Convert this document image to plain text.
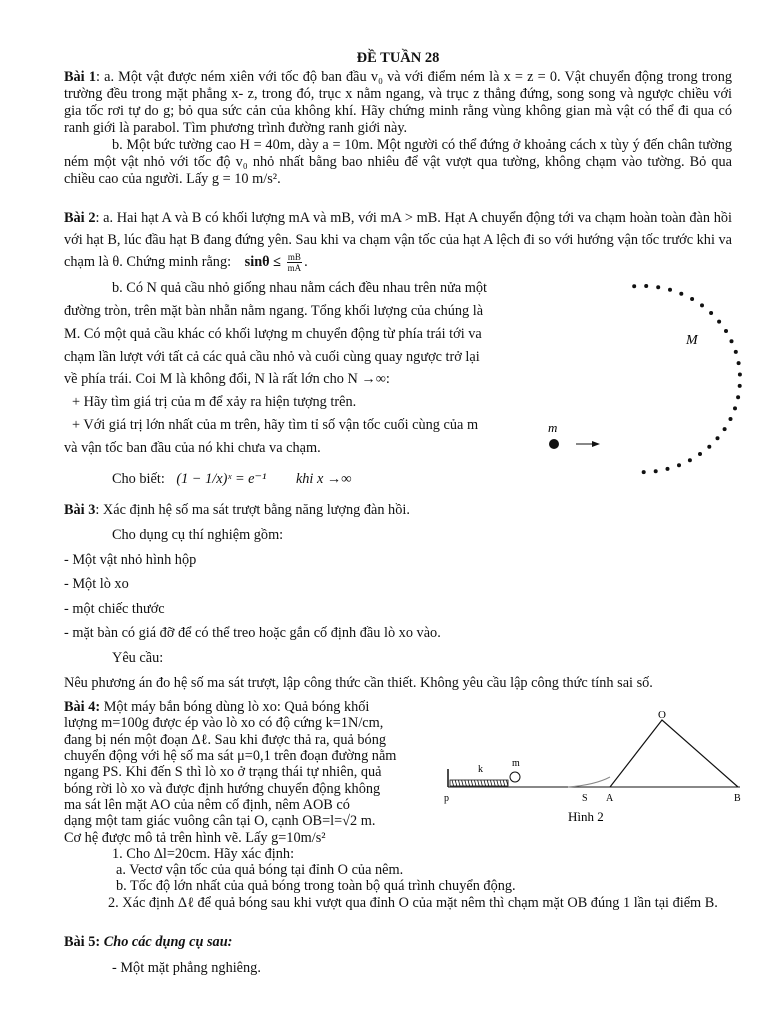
ĐỀ TUẦN 28

Bài 1: a. Một vật được ném xiên với tốc độ ban đầu v₀ và với điểm ném là x = z = 0. Vật chuyển động trong trong trường đều trong mặt phẳng x- z, trong đó, trục x nằm ngang, và trục z thẳng đứng, song song và ngược chiều với gia tốc rơi tự do g; bỏ qua sức cản của không khí. Hãy chứng minh rằng vùng không gian mà vật có thể đi qua có ranh giới là parabol. Tìm phương trình đường ranh giới này.

b. Một bức tường cao H = 40m, dày a = 10m. Một người có thể đứng ở khoảng cách x tùy ý đến chân tường ném một vật nhỏ với tốc độ v₀ nhỏ nhất bằng bao nhiêu để vật vượt qua tường, không chạm vào tường. Bỏ qua chiều cao của người. Lấy g = 10 m/s².

Bài 2: a. Hai hạt A và B có khối lượng mA và mB, với mA > mB. Hạt A chuyển động tới va chạm hoàn toàn đàn hồi với hạt B, lúc đầu hạt B đang đứng yên. Sau khi va chạm vận tốc của hạt A lệch đi so với hướng vận tốc trước khi va chạm là θ. Chứng minh rằng: $\sin\theta \le \frac{mB}{mA}$ .

b. Có N quả cầu nhỏ giống nhau nằm cách đều nhau trên nửa một
đường tròn, trên mặt bàn nhẵn nằm ngang. Tổng khối lượng của chúng là
M. Có một quả cầu khác có khối lượng m chuyển động từ phía trái tới va
chạm lần lượt với tất cả các quả cầu nhỏ và cuối cùng quay ngược trở lại
về phía trái. Coi M là không đổi, N là rất lớn cho N →∞:
+ Hãy tìm giá trị của m để xảy ra hiện tượng trên.
+ Với giá trị lớn nhất của m trên, hãy tìm tỉ số vận tốc cuối cùng của m
và vận tốc ban đầu của nó khi chưa va chạm.
Cho biết: (1 − 1/x)ˣ = e⁻¹ khi x →∞
M
m
Bài 3: Xác định hệ số ma sát trượt bằng năng lượng đàn hồi.
Cho dụng cụ thí nghiệm gồm:
- Một vật nhỏ hình hộp
- Một lò xo
- một chiếc thước
- mặt bàn có giá đỡ để có thể treo hoặc gắn cố định đầu lò xo vào.
Yêu cầu:
Nêu phương án đo hệ số ma sát trượt, lập công thức cần thiết. Không yêu cầu lập công thức tính sai số.
Bài 4: Một máy bắn bóng dùng lò xo: Quả bóng khối
lượng m=100g được ép vào lò xo có độ cứng k=1N/cm,
đang bị nén một đoạn Δℓ. Sau khi được thả ra, quả bóng
chuyển động với hệ số ma sát μ=0,1 trên đoạn đường nằm
ngang PS. Khi đến S thì lò xo ở trạng thái tự nhiên, quả
bóng rời lò xo và được định hướng chuyển động không
ma sát lên mặt AO của nêm cố định, nêm AOB có
dạng một tam giác vuông cân tại O, cạnh OB=l=√2 m.
Cơ hệ được mô tả trên hình vẽ. Lấy g=10m/s²
O
k
m
p	S A	B
Hình 2
1. Cho Δl=20cm. Hãy xác định:
a. Vectơ vận tốc của quả bóng tại đỉnh O của nêm.
b. Tốc độ lớn nhất của quả bóng trong toàn bộ quá trình chuyển động.
2. Xác định Δℓ để quả bóng sau khi vượt qua đỉnh O của mặt nêm thì chạm mặt OB đúng 1 lần tại điểm B.
Bài 5: Cho các dụng cụ sau:
- Một mặt phẳng nghiêng.
